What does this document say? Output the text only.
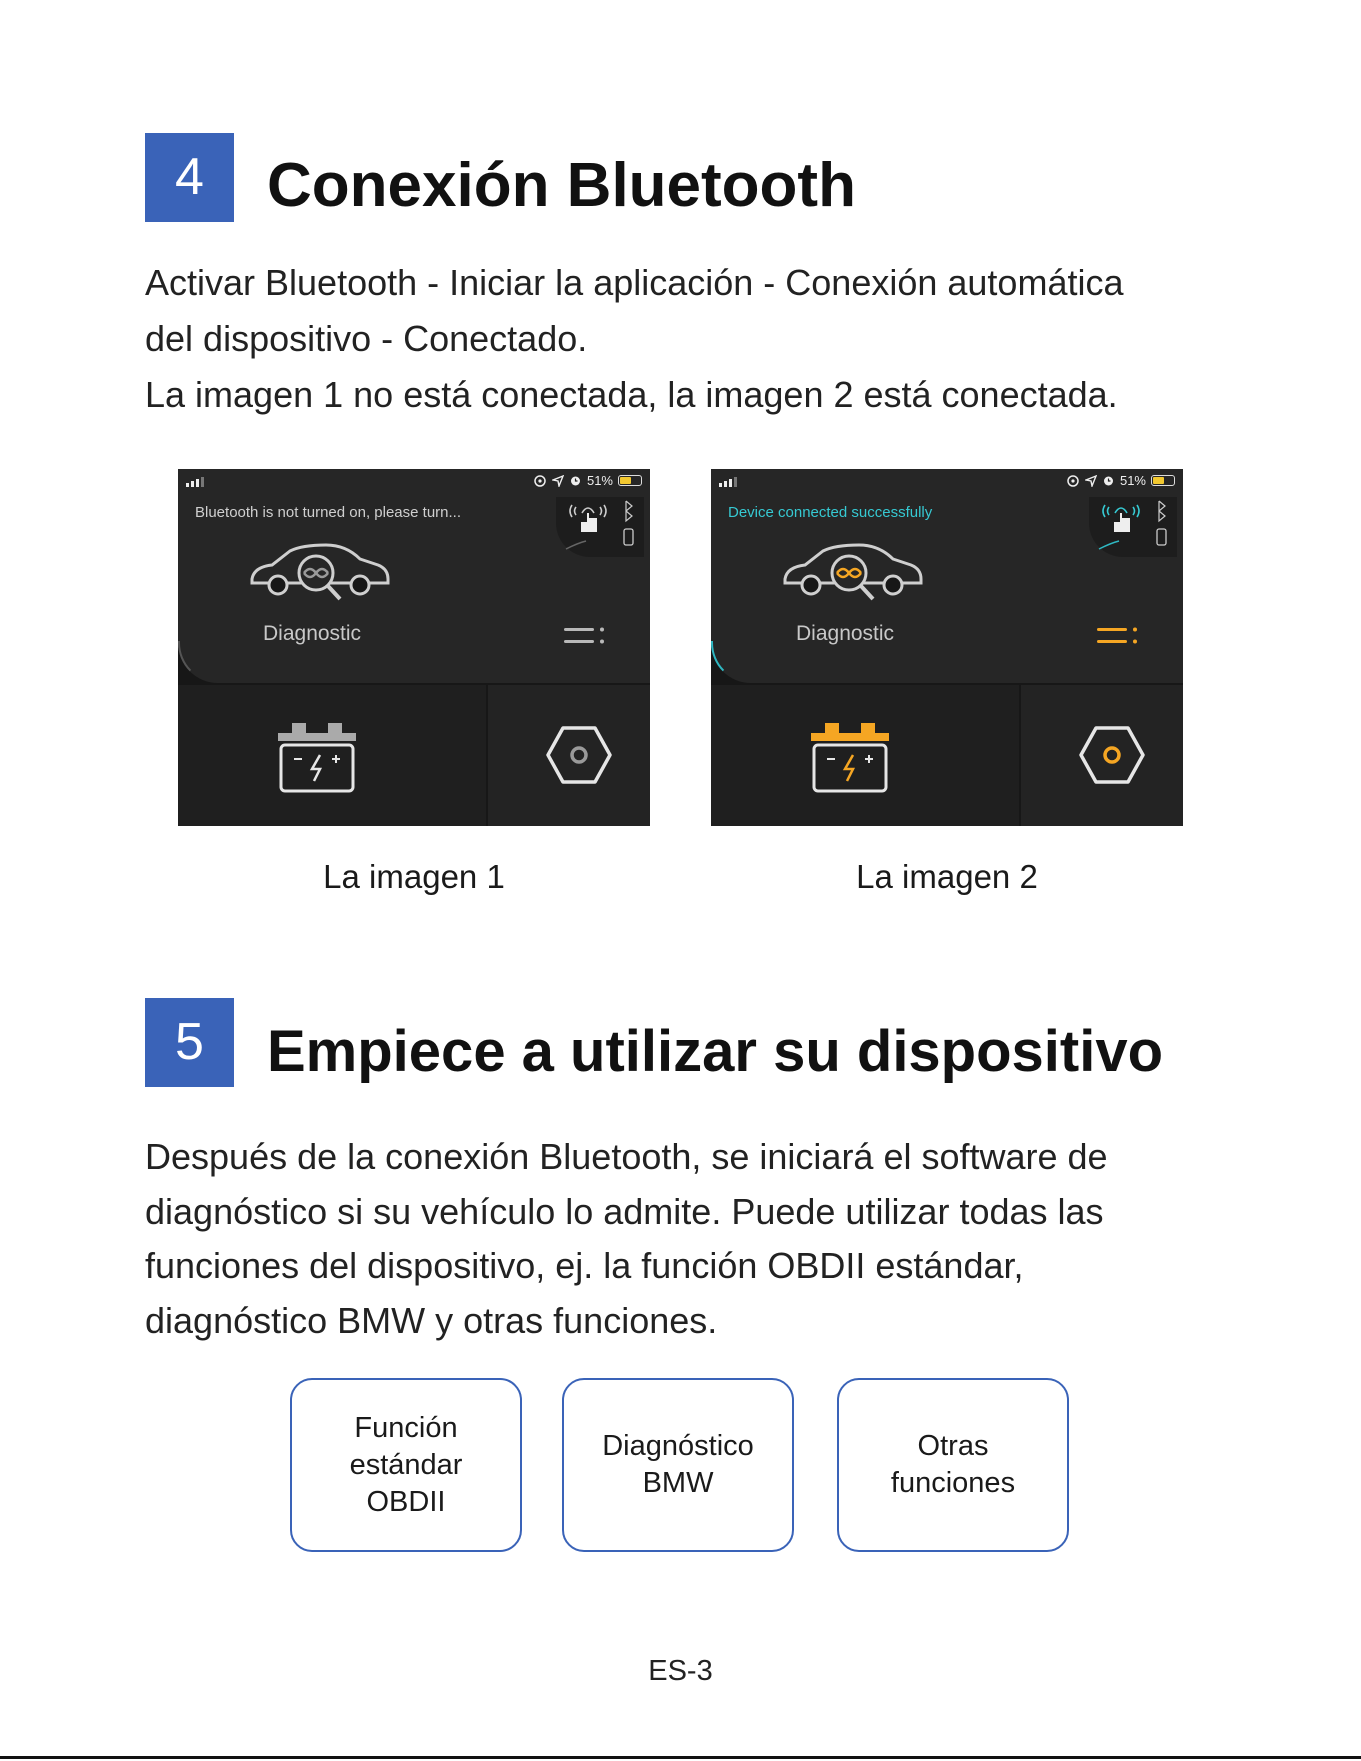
4	Conexión Bluetooth

Activar Bluetooth - Iniciar la aplicación - Conexión automática
del dispositivo - Conectado.
La imagen 1 no está conectada, la imagen 2 está conectada.

51%
Bluetooth is not turned on, please turn...
Diagnostic
La imagen 1
51%
Device connected successfully
Diagnostic
La imagen 2
5	Empiece a utilizar su dispositivo

Después de la conexión Bluetooth, se iniciará el software de
diagnóstico si su vehículo lo admite. Puede utilizar todas las
funciones del dispositivo, ej. la función OBDII estándar,
diagnóstico BMW y otras funciones.

Función
estándar
OBDII
Diagnóstico
BMW
Otras
funciones
ES-3
